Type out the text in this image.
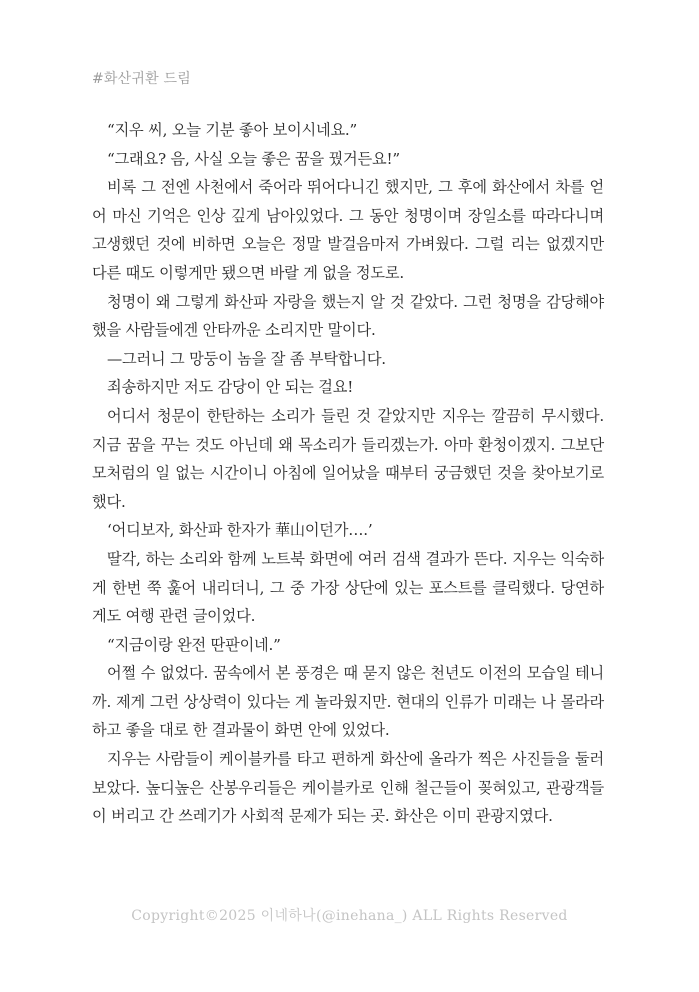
#화산귀환 드림

“지우 씨, 오늘 기분 좋아 보이시네요.”

“그래요? 음, 사실 오늘 좋은 꿈을 꿨거든요!”

비록 그 전엔 사천에서 죽어라 뛰어다니긴 했지만, 그 후에 화산에서 차를 얻어 마신 기억은 인상 깊게 남아있었다. 그 동안 청명이며 장일소를 따라다니며 고생했던 것에 비하면 오늘은 정말 발걸음마저 가벼웠다. 그럴 리는 없겠지만 다른 때도 이렇게만 됐으면 바랄 게 없을 정도로.

청명이 왜 그렇게 화산파 자랑을 했는지 알 것 같았다. 그런 청명을 감당해야 했을 사람들에겐 안타까운 소리지만 말이다.

—그러니 그 망둥이 놈을 잘 좀 부탁합니다.

죄송하지만 저도 감당이 안 되는 걸요!

어디서 청문이 한탄하는 소리가 들린 것 같았지만 지우는 깔끔히 무시했다. 지금 꿈을 꾸는 것도 아닌데 왜 목소리가 들리겠는가. 아마 환청이겠지. 그보단 모처럼의 일 없는 시간이니 아침에 일어났을 때부터 궁금했던 것을 찾아보기로 했다.

‘어디보자, 화산파 한자가 華山이던가….’

딸각, 하는 소리와 함께 노트북 화면에 여러 검색 결과가 뜬다. 지우는 익숙하게 한번 쭉 훑어 내리더니, 그 중 가장 상단에 있는 포스트를 클릭했다. 당연하게도 여행 관련 글이었다.

“지금이랑 완전 딴판이네.”

어쩔 수 없었다. 꿈속에서 본 풍경은 때 묻지 않은 천년도 이전의 모습일 테니까. 제게 그런 상상력이 있다는 게 놀라웠지만. 현대의 인류가 미래는 나 몰라라 하고 좋을 대로 한 결과물이 화면 안에 있었다.

지우는 사람들이 케이블카를 타고 편하게 화산에 올라가 찍은 사진들을 둘러보았다. 높디높은 산봉우리들은 케이블카로 인해 철근들이 꽂혀있고, 관광객들이 버리고 간 쓰레기가 사회적 문제가 되는 곳. 화산은 이미 관광지였다.

Copyright©2025 이네하나(@inehana_) ALL Rights Reserved
